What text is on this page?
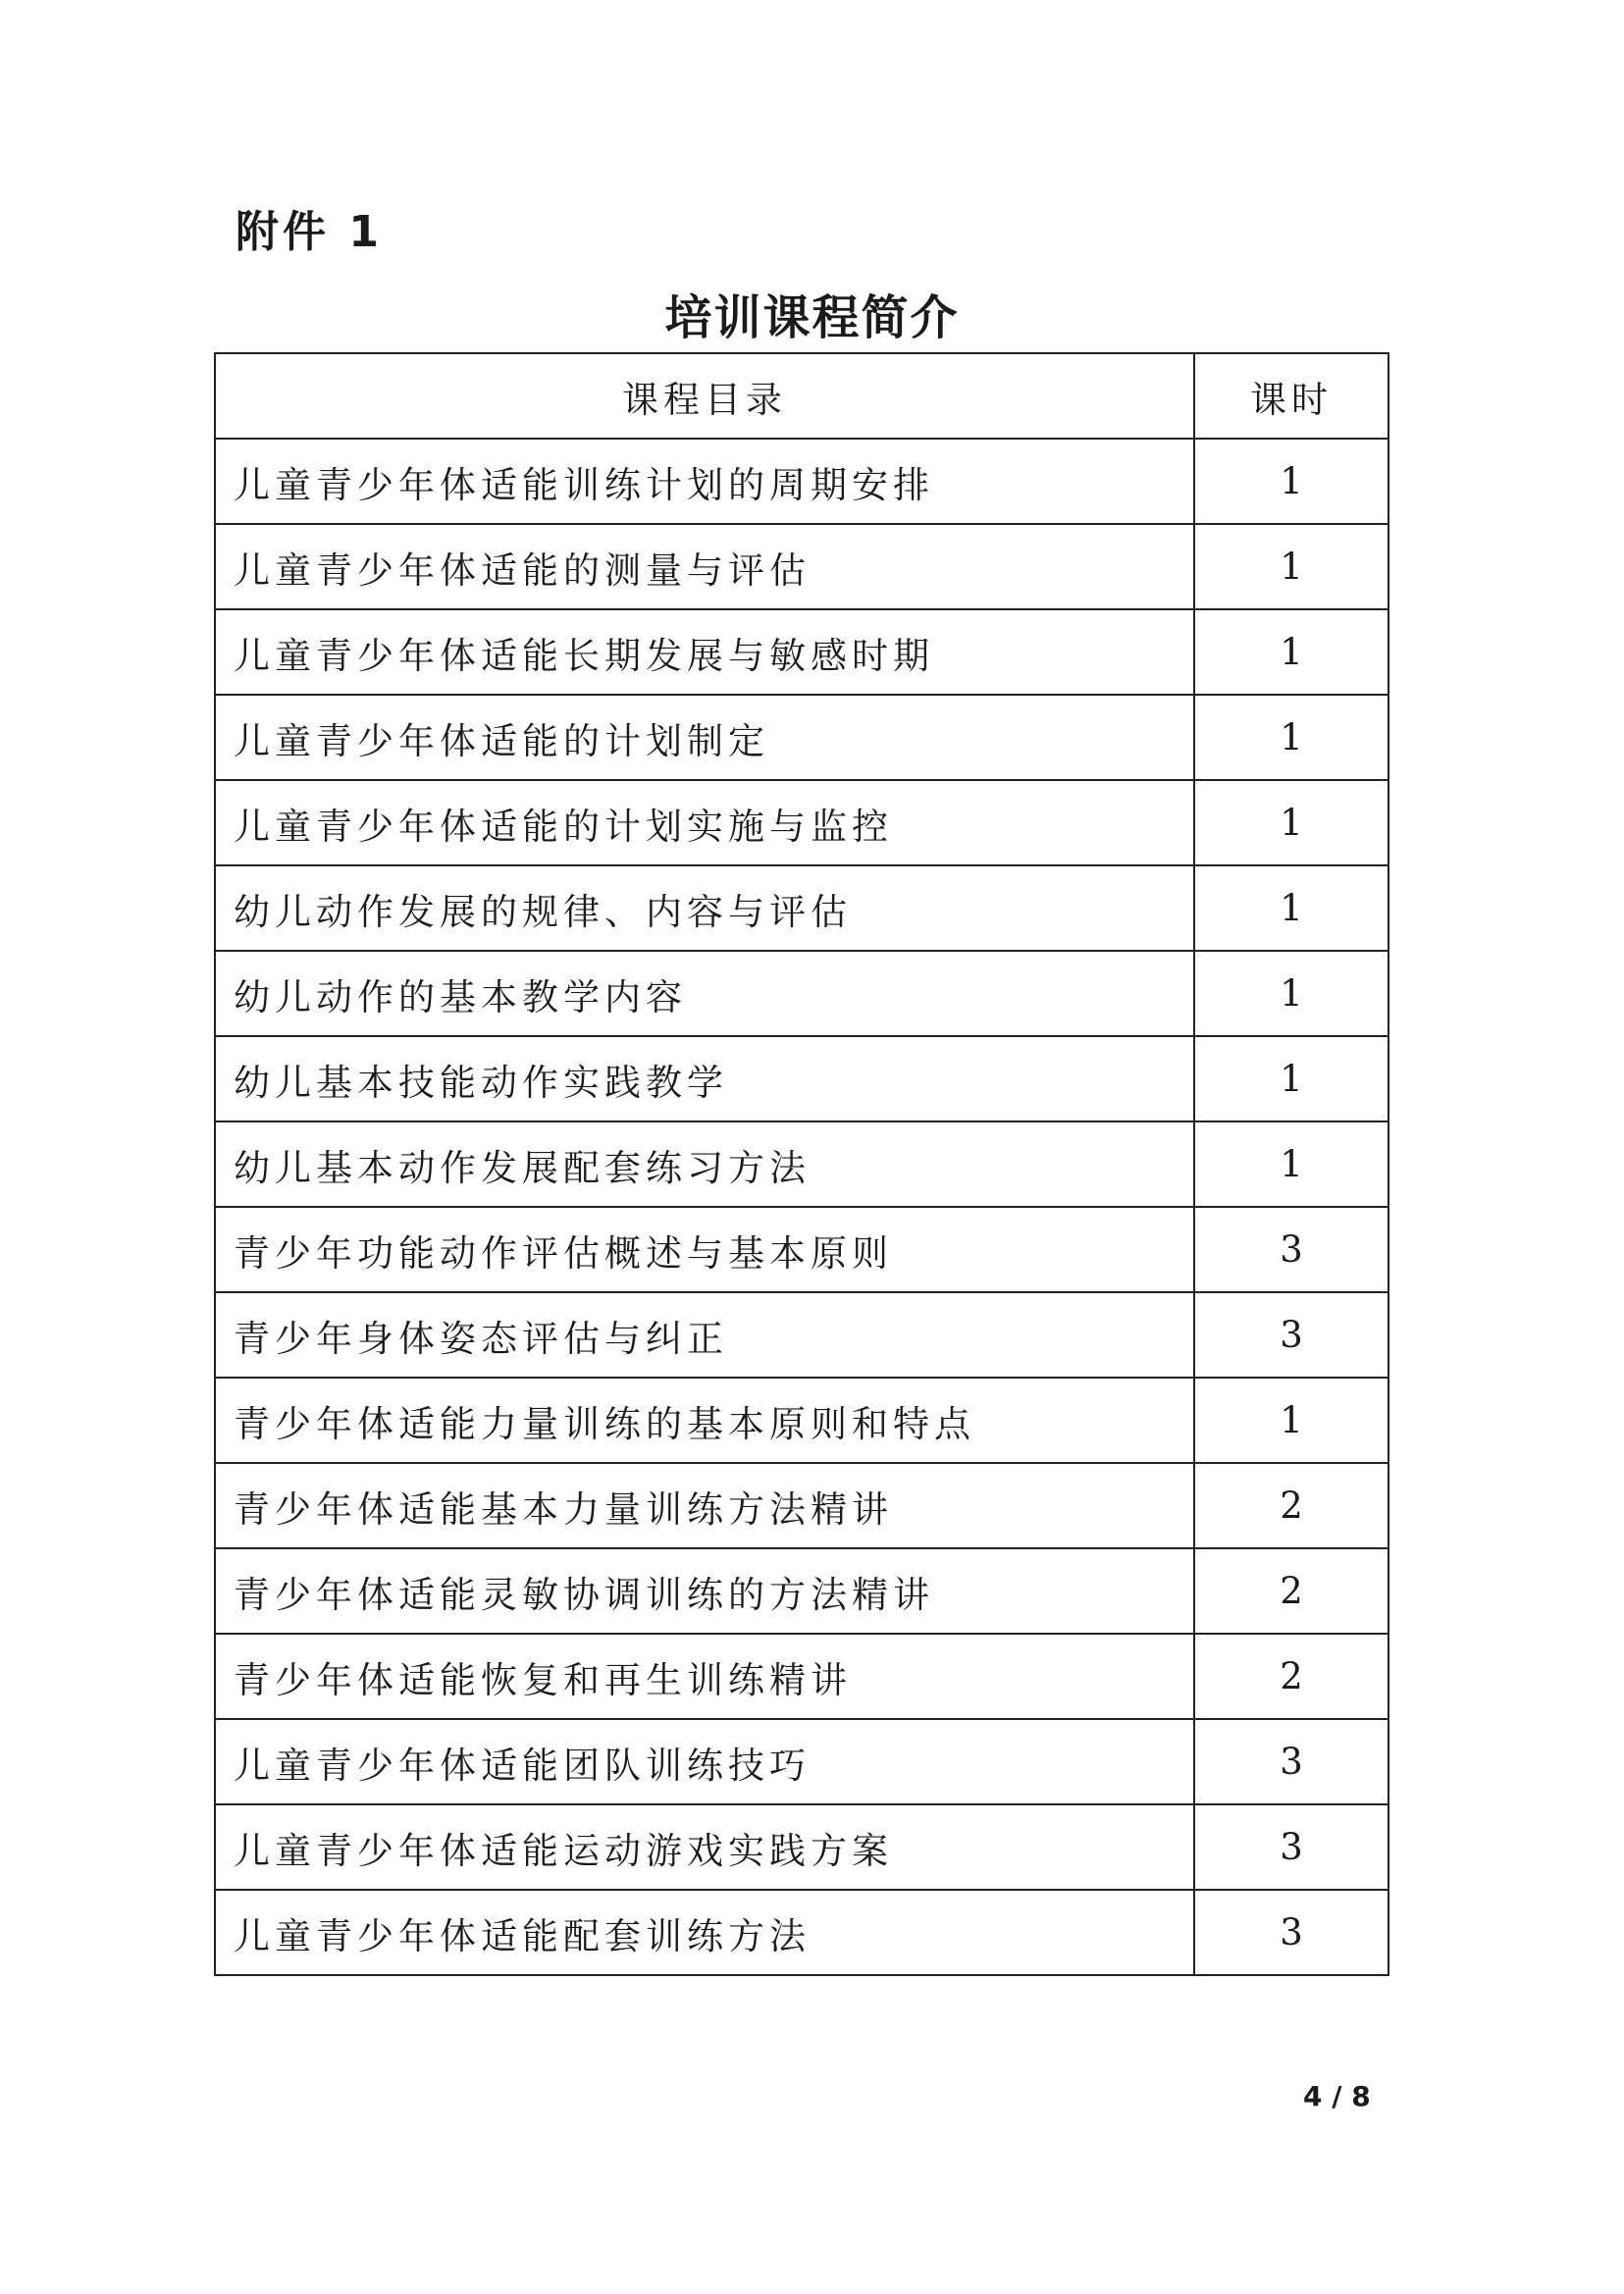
附件 1
培训课程简介
课程目录	课时
儿童青少年体适能训练计划的周期安排	1
儿童青少年体适能的测量与评估	1
儿童青少年体适能长期发展与敏感时期	1
儿童青少年体适能的计划制定	1
儿童青少年体适能的计划实施与监控	1
幼儿动作发展的规律、内容与评估	1
幼儿动作的基本教学内容	1
幼儿基本技能动作实践教学	1
幼儿基本动作发展配套练习方法	1
青少年功能动作评估概述与基本原则	3
青少年身体姿态评估与纠正	3
青少年体适能力量训练的基本原则和特点	1
青少年体适能基本力量训练方法精讲	2
青少年体适能灵敏协调训练的方法精讲	2
青少年体适能恢复和再生训练精讲	2
儿童青少年体适能团队训练技巧	3
儿童青少年体适能运动游戏实践方案	3
儿童青少年体适能配套训练方法	3
4 / 8
